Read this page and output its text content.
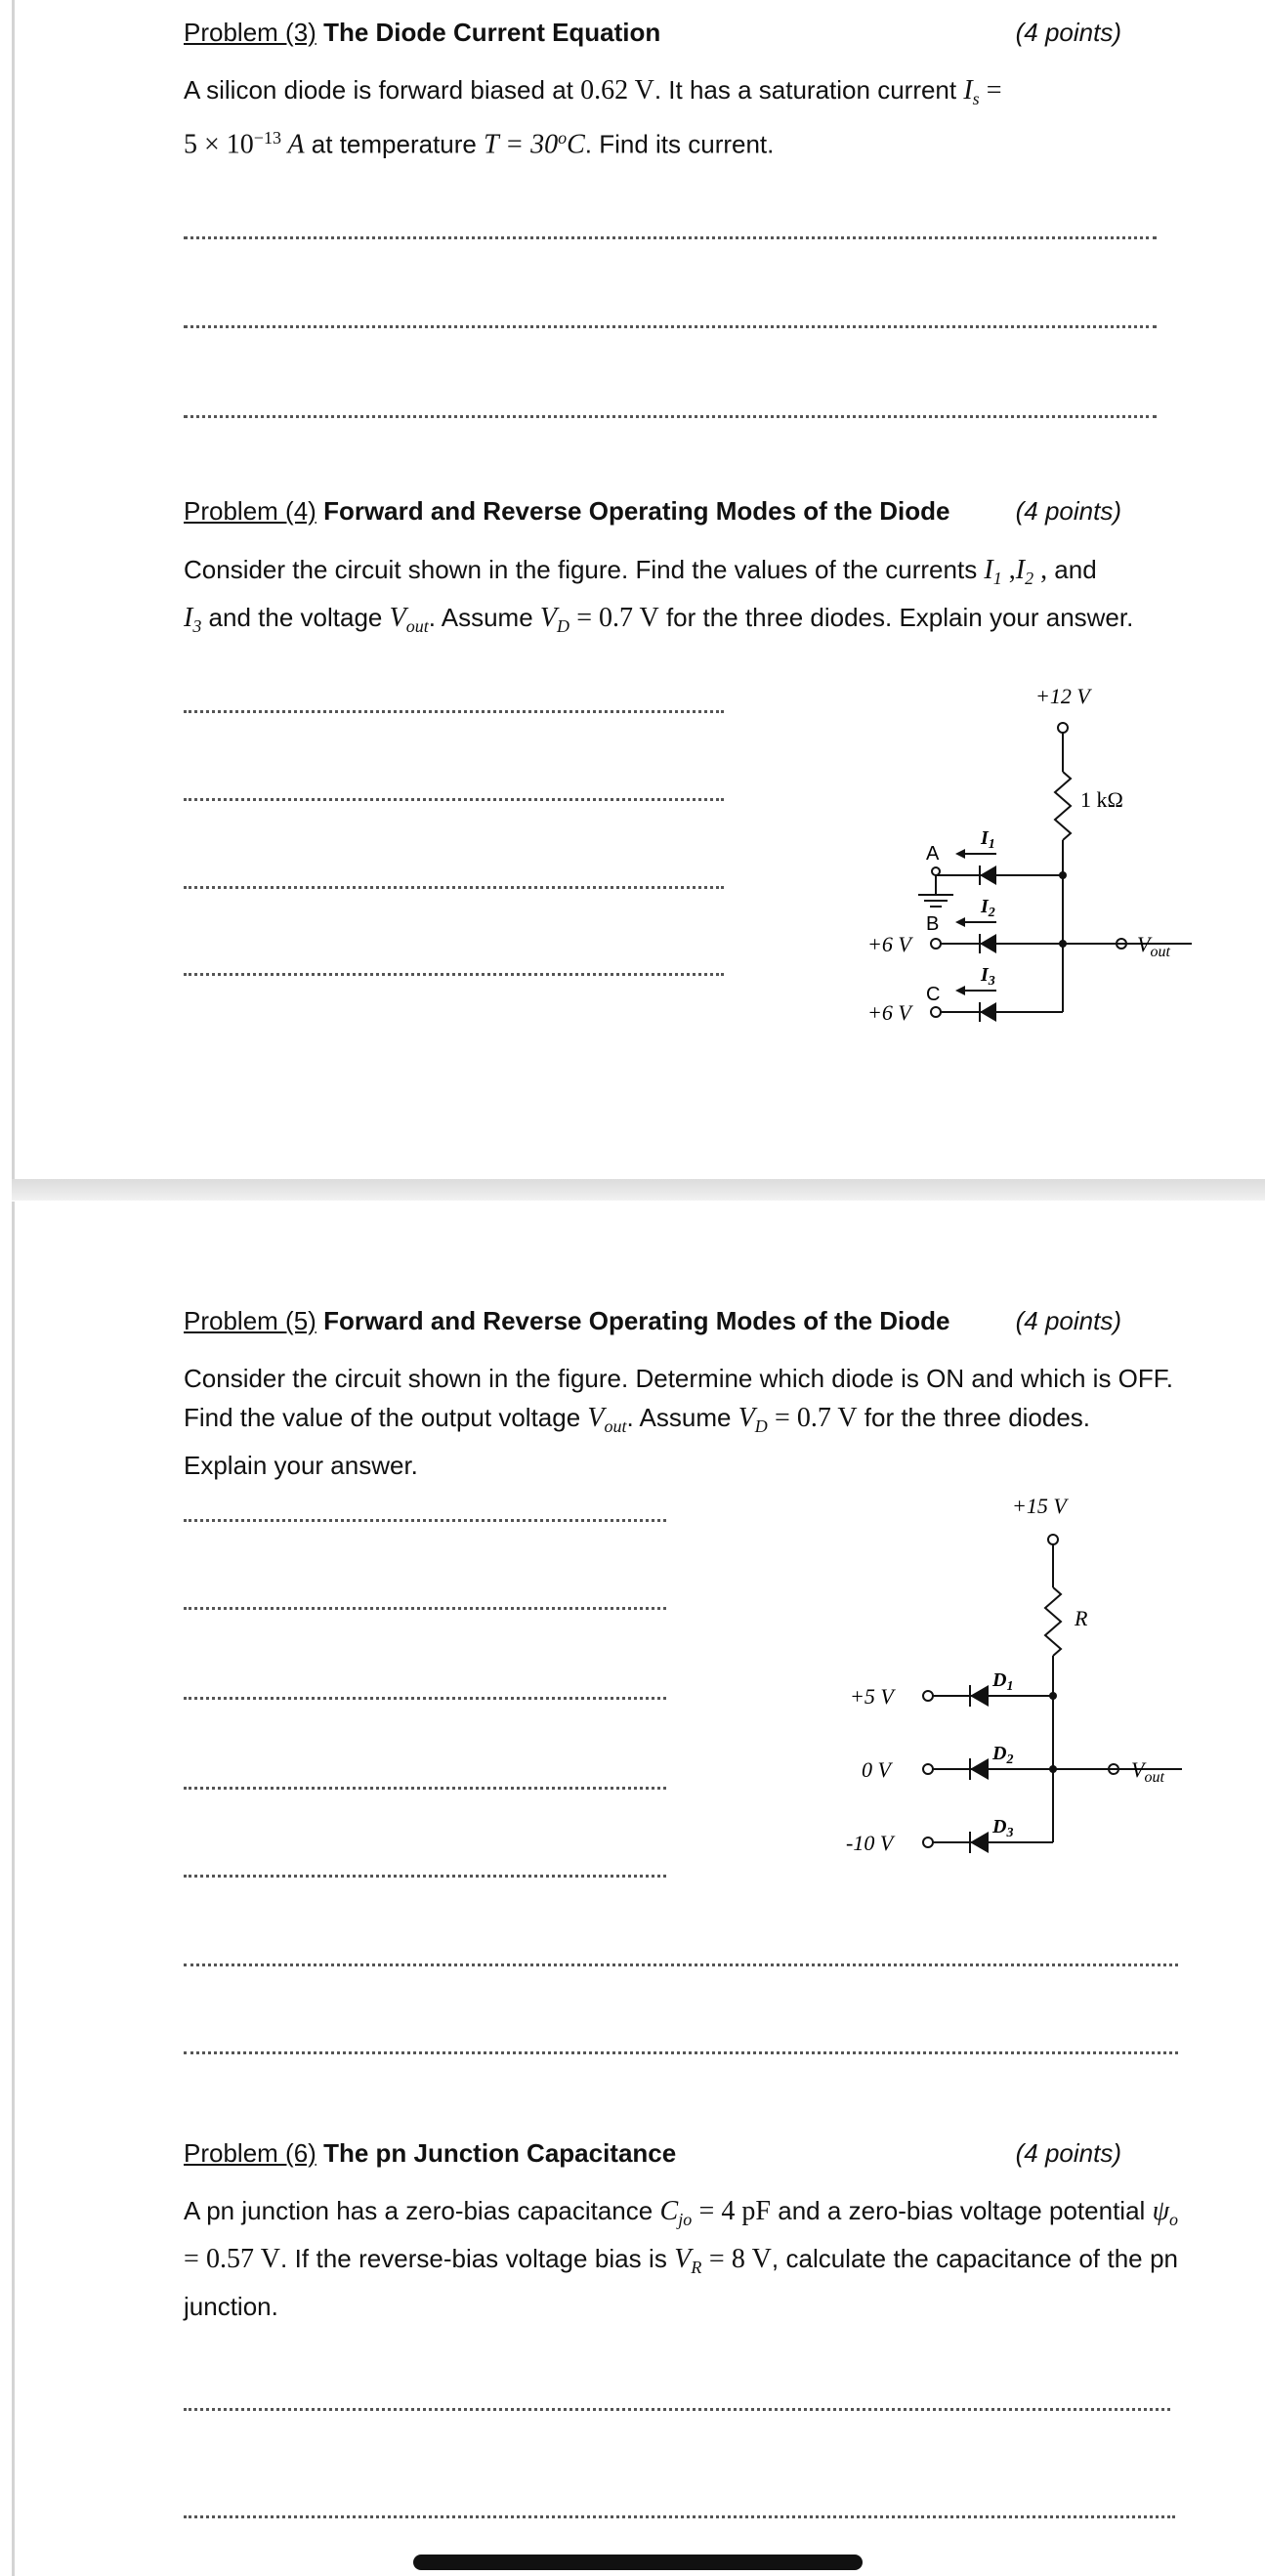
Problem (3) The Diode Current Equation	(4 points)
A silicon diode is forward biased at 0.62 V. It has a saturation current $I_s$ =
$5 \times 10^{-13}$ A at temperature $T = 30^oC$. Find its current.
Problem (4) Forward and Reverse Operating Modes of the Diode	(4 points)
Consider the circuit shown in the figure. Find the values of the currents $I_1$ $,I_2$ , and
$I_3$ and the voltage $V_{out}$. Assume $V_D = 0.7$ V for the three diodes. Explain your answer.
+12 V
1 kΩ
A
B
C
+6 V
+6 V
$I_1$
$I_2$
$I_3$
$V_{out}$
Problem (5) Forward and Reverse Operating Modes of the Diode	(4 points)
Consider the circuit shown in the figure. Determine which diode is ON and which is OFF. Find the value of the output voltage $V_{out}$. Assume $V_D = 0.7$ V for the three diodes. Explain your answer.
+15 V
R
+5 V
0 V
-10 V
$D_1$
$D_2$
$D_3$
$V_{out}$
Problem (6) The pn Junction Capacitance	(4 points)
A pn junction has a zero-bias capacitance $C_{jo} = 4$ pF and a zero-bias voltage potential $\psi_o = 0.57$ V. If the reverse-bias voltage bias is $V_R = 8$ V, calculate the capacitance of the pn junction.
